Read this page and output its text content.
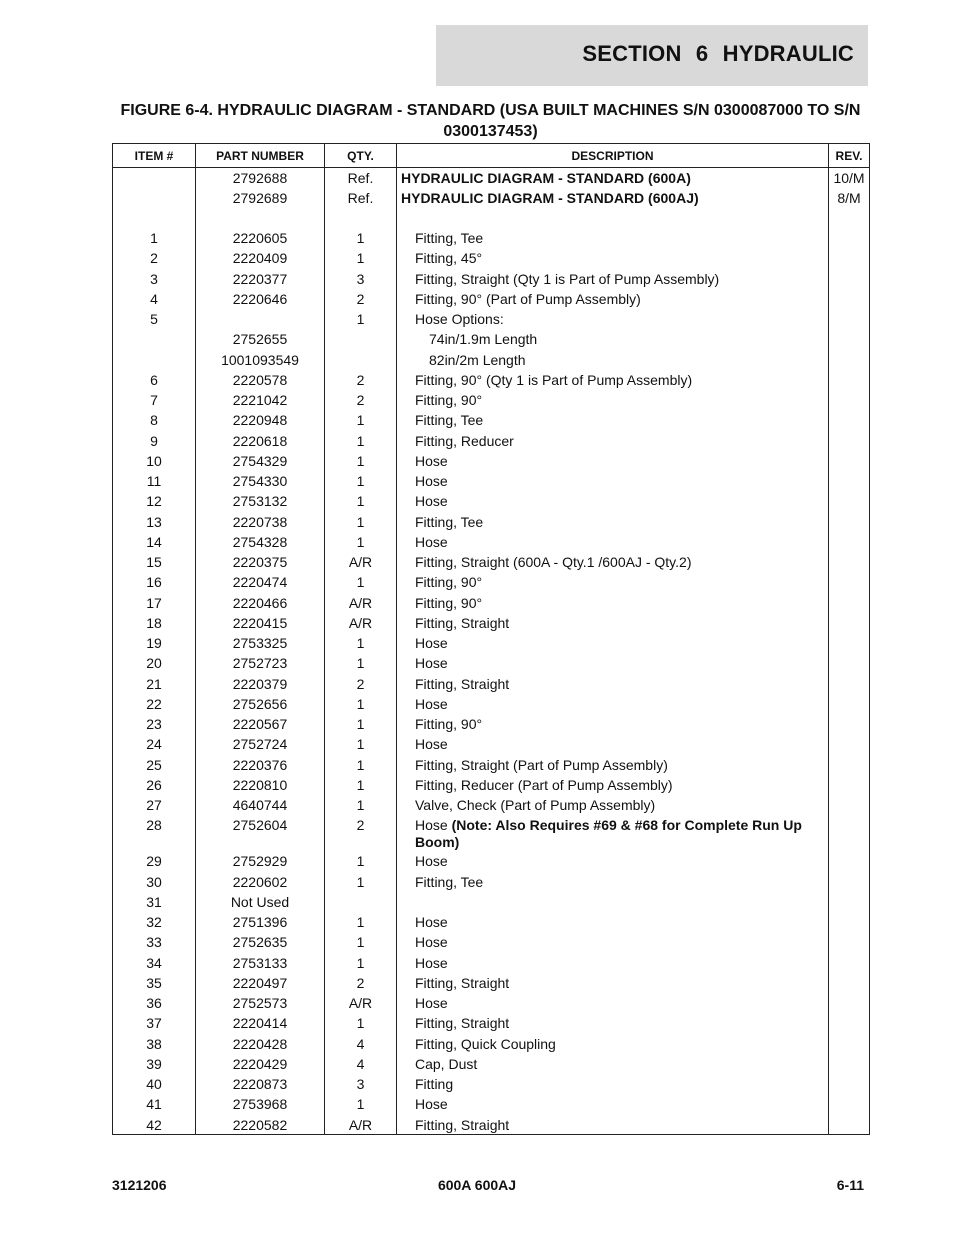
SECTION 6 HYDRAULIC
FIGURE 6-4. HYDRAULIC DIAGRAM - STANDARD (USA BUILT MACHINES S/N 0300087000 TO S/N 0300137453)
ITEM #	PART NUMBER	QTY.	DESCRIPTION	REV.
	2792688	Ref.	HYDRAULIC DIAGRAM - STANDARD (600A)	10/M
	2792689	Ref.	HYDRAULIC DIAGRAM - STANDARD (600AJ)	8/M

1	2220605	1	Fitting, Tee	
2	2220409	1	Fitting, 45°	
3	2220377	3	Fitting, Straight (Qty 1 is Part of Pump Assembly)	
4	2220646	2	Fitting, 90° (Part of Pump Assembly)	
5		1	Hose Options:	
	2752655		74in/1.9m Length	
	1001093549		82in/2m Length	
6	2220578	2	Fitting, 90° (Qty 1 is Part of Pump Assembly)	
7	2221042	2	Fitting, 90°	
8	2220948	1	Fitting, Tee	
9	2220618	1	Fitting, Reducer	
10	2754329	1	Hose	
11	2754330	1	Hose	
12	2753132	1	Hose	
13	2220738	1	Fitting, Tee	
14	2754328	1	Hose	
15	2220375	A/R	Fitting, Straight (600A - Qty.1 /600AJ - Qty.2)	
16	2220474	1	Fitting, 90°	
17	2220466	A/R	Fitting, 90°	
18	2220415	A/R	Fitting, Straight	
19	2753325	1	Hose	
20	2752723	1	Hose	
21	2220379	2	Fitting, Straight	
22	2752656	1	Hose	
23	2220567	1	Fitting, 90°	
24	2752724	1	Hose	
25	2220376	1	Fitting, Straight (Part of Pump Assembly)	
26	2220810	1	Fitting, Reducer (Part of Pump Assembly)	
27	4640744	1	Valve, Check (Part of Pump Assembly)	
28	2752604	2	Hose (Note: Also Requires #69 & #68 for Complete Run Up Boom)	
29	2752929	1	Hose	
30	2220602	1	Fitting, Tee	
31	Not Used			
32	2751396	1	Hose	
33	2752635	1	Hose	
34	2753133	1	Hose	
35	2220497	2	Fitting, Straight	
36	2752573	A/R	Hose	
37	2220414	1	Fitting, Straight	
38	2220428	4	Fitting, Quick Coupling	
39	2220429	4	Cap, Dust	
40	2220873	3	Fitting	
41	2753968	1	Hose	
42	2220582	A/R	Fitting, Straight	
3121206	600A 600AJ	6-11
